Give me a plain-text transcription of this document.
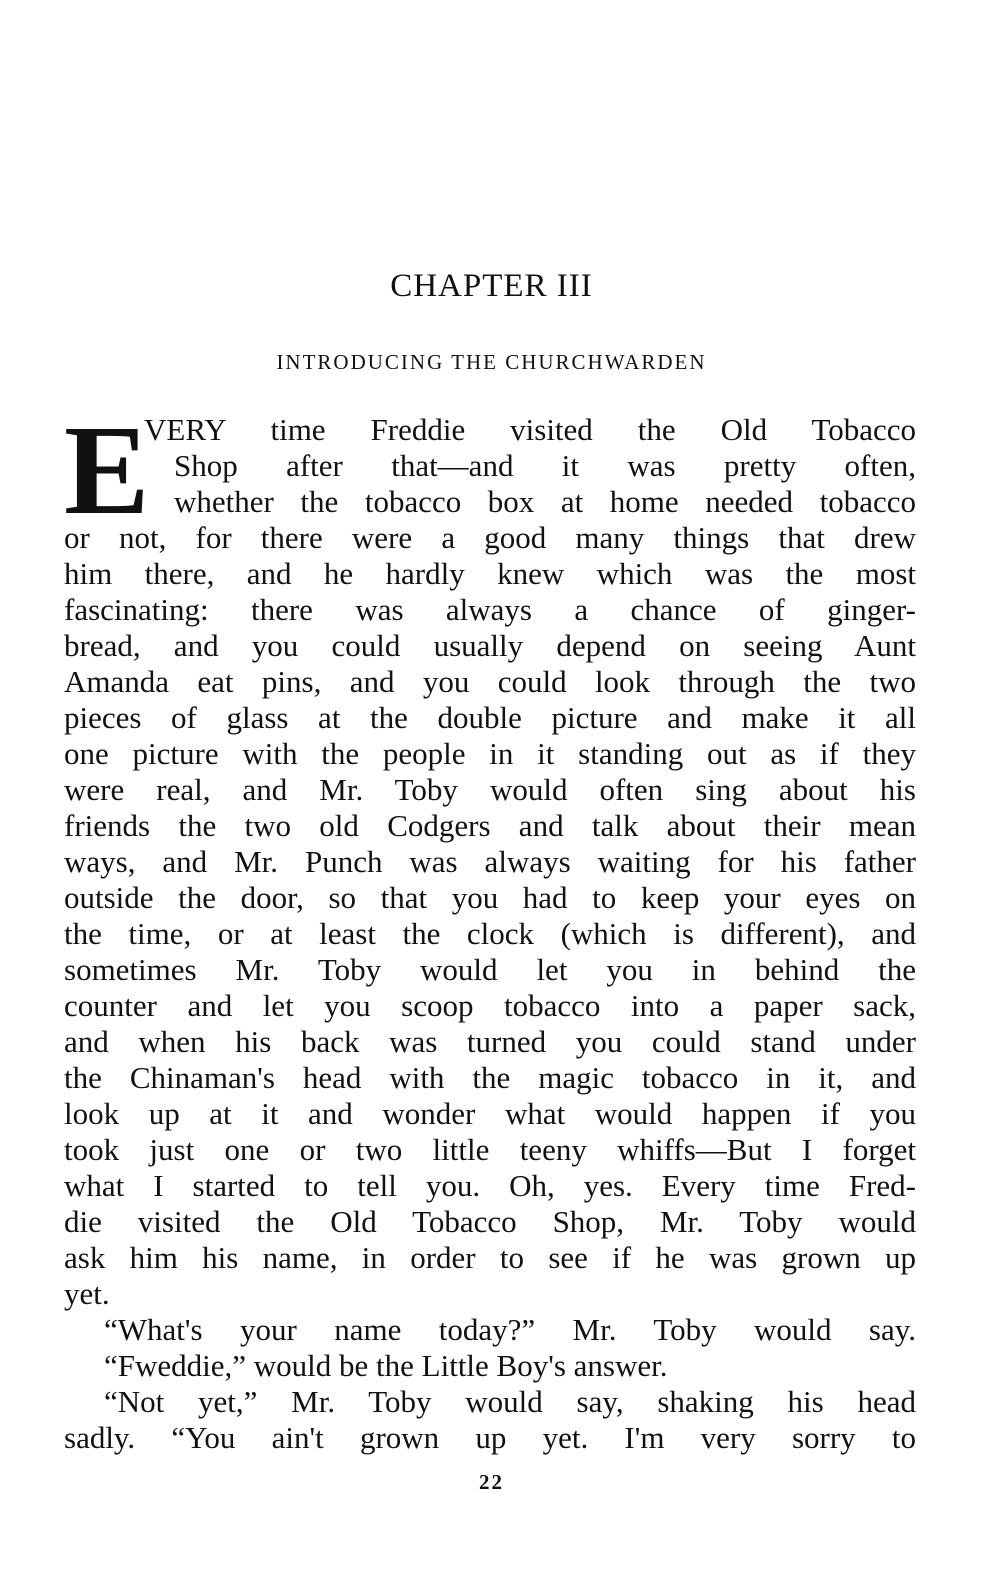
CHAPTER III
INTRODUCING THE CHURCHWARDEN
E
VERY time Freddie visited the Old Tobacco
Shop after that—and it was pretty often,
whether the tobacco box at home needed tobacco
or not, for there were a good many things that drew
him there, and he hardly knew which was the most
fascinating: there was always a chance of ginger-
bread, and you could usually depend on seeing Aunt
Amanda eat pins, and you could look through the two
pieces of glass at the double picture and make it all
one picture with the people in it standing out as if they
were real, and Mr. Toby would often sing about his
friends the two old Codgers and talk about their mean
ways, and Mr. Punch was always waiting for his father
outside the door, so that you had to keep your eyes on
the time, or at least the clock (which is different), and
sometimes Mr. Toby would let you in behind the
counter and let you scoop tobacco into a paper sack,
and when his back was turned you could stand under
the Chinaman's head with the magic tobacco in it, and
look up at it and wonder what would happen if you
took just one or two little teeny whiffs—But I forget
what I started to tell you. Oh, yes. Every time Fred-
die visited the Old Tobacco Shop, Mr. Toby would
ask him his name, in order to see if he was grown up
yet.
“What's your name today?” Mr. Toby would say.
“Fweddie,” would be the Little Boy's answer.
“Not yet,” Mr. Toby would say, shaking his head
sadly. “You ain't grown up yet. I'm very sorry to
22
